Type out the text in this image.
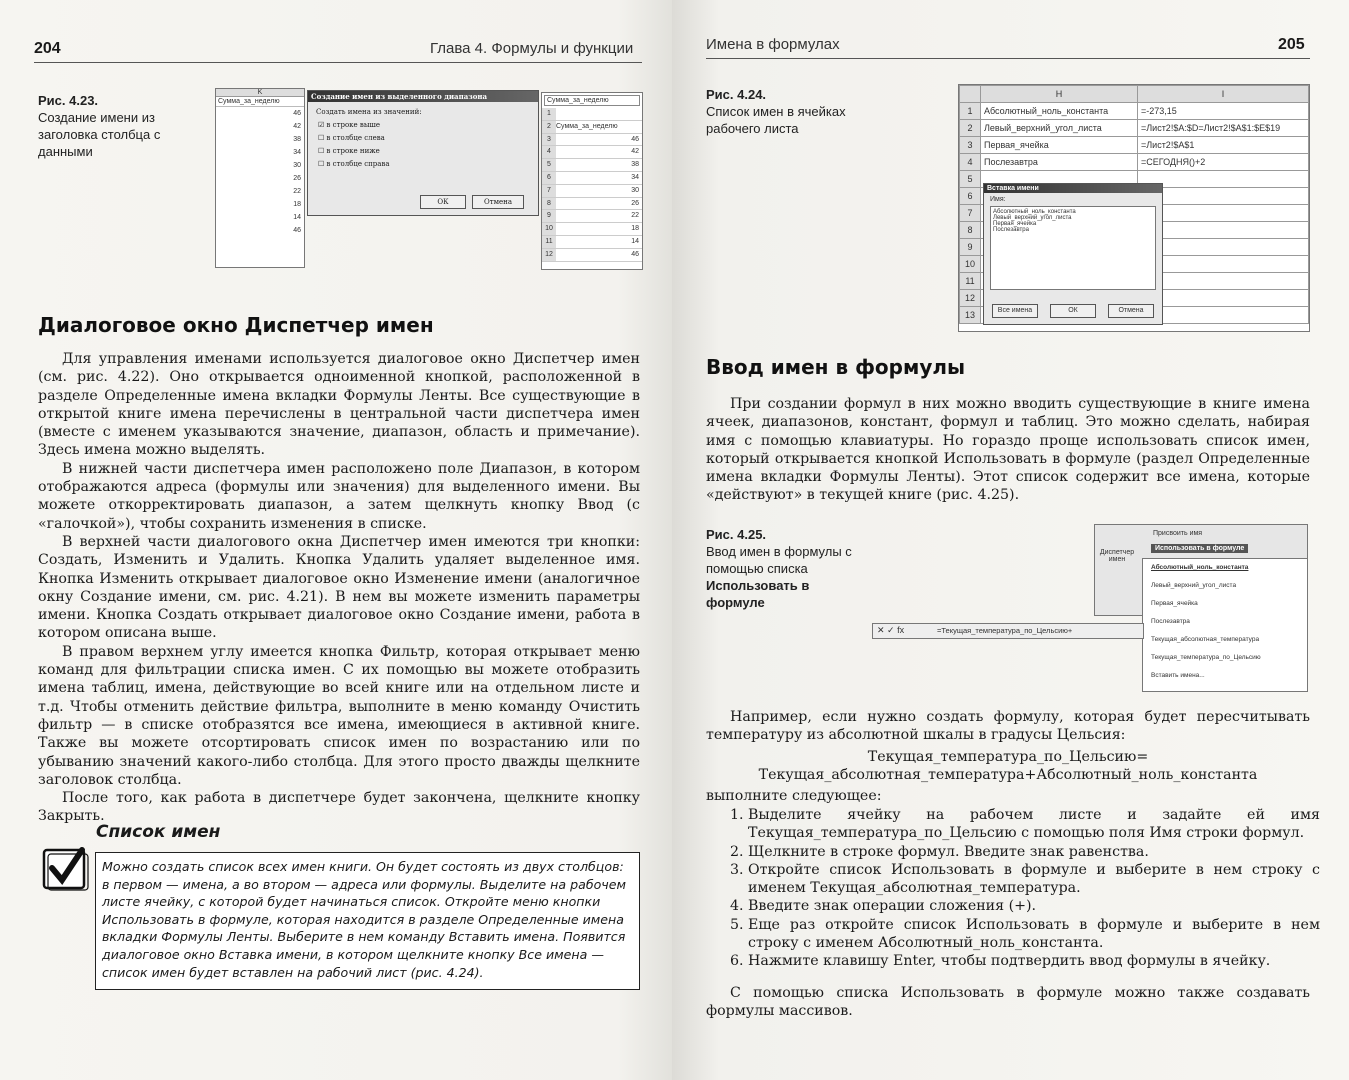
204	Глава 4. Формулы и функции
Рис. 4.23.
Создание имени из заголовка столбца с данными
K
Сумма_за_неделю
46
42
38
34
30
26
22
18
14
46
Создание имен из выделенного диапазона
Создать имена из значений:
☑ в строке выше
☐ в столбце слева
☐ в строке ниже
☐ в столбце справа
ОК	Отмена
Сумма_за_неделю
1
2 Сумма_за_неделю
3	46
4	42
5	38
6	34
7	30
8	26
9	22
10	18
11	14
12	46
Диалоговое окно Диспетчер имен

Для управления именами используется диалоговое окно Диспетчер имен (см. рис. 4.22). Оно открывается одноименной кнопкой, расположенной в разделе Определенные имена вкладки Формулы Ленты. Все существующие в открытой книге имена перечислены в центральной части диспетчера имен (вместе с именем указываются значение, диапазон, область и примечание). Здесь имена можно выделять.

В нижней части диспетчера имен расположено поле Диапазон, в котором отображаются адреса (формулы или значения) для выделенного имени. Вы можете откорректировать диапазон, а затем щелкнуть кнопку Ввод (с «галочкой»), чтобы сохранить изменения в списке.

В верхней части диалогового окна Диспетчер имен имеются три кнопки: Создать, Изменить и Удалить. Кнопка Удалить удаляет выделенное имя. Кнопка Изменить открывает диалоговое окно Изменение имени (аналогичное окну Создание имени, см. рис. 4.21). В нем вы можете изменить параметры имени. Кнопка Создать открывает диалоговое окно Создание имени, работа в котором описана выше.

В правом верхнем углу имеется кнопка Фильтр, которая открывает меню команд для фильтрации списка имен. С их помощью вы можете отобразить имена таблиц, имена, действующие во всей книге или на отдельном листе и т.д. Чтобы отменить действие фильтра, выполните в меню команду Очистить фильтр — в списке отобразятся все имена, имеющиеся в активной книге. Также вы можете отсортировать список имен по возрастанию или по убыванию значений какого-либо столбца. Для этого просто дважды щелкните заголовок столбца.

После того, как работа в диспетчере будет закончена, щелкните кнопку Закрыть.

Список имен
Можно создать список всех имен книги. Он будет состоять из двух столбцов: в первом — имена, а во втором — адреса или формулы. Выделите на рабочем листе ячейку, с которой будет начинаться список. Откройте меню кнопки Использовать в формуле, которая находится в разделе Определенные имена вкладки Формулы Ленты. Выберите в нем команду Вставить имена. Появится диалоговое окно Вставка имени, в котором щелкните кнопку Все имена — список имен будет вставлен на рабочий лист (рис. 4.24).
Имена в формулах	205
Рис. 4.24.
Список имен в ячейках рабочего листа
	H	I
1	Абсолютный_ноль_константа	=-273,15
2	Левый_верхний_угол_листа	=Лист2!$A:$D=Лист2!$A$1:$E$19
3	Первая_ячейка	=Лист2!$A$1
4	Послезавтра	=СЕГОДНЯ()+2
5		
6		
7		
8		
9		
10		
11		
12		
13		
Вставка имени
Имя:
Абсолютный_ноль_константа
Левый_верхний_угол_листа
Первая_ячейка
Послезавтра
Все имена	ОК	Отмена
Ввод имен в формулы

При создании формул в них можно вводить существующие в книге имена ячеек, диапазонов, констант, формул и таблиц. Это можно сделать, набирая имя с помощью клавиатуры. Но гораздо проще использовать список имен, который открывается кнопкой Использовать в формуле (раздел Определенные имена вкладки Формулы Ленты). Этот список содержит все имена, которые «действуют» в текущей книге (рис. 4.25).

Рис. 4.25.
Ввод имен в формулы с помощью списка
Использовать в формуле
Диспетчер имен
Присвоить имя
Использовать в формуле
Абсолютный_ноль_константа
Левый_верхний_угол_листа
Первая_ячейка
Послезавтра
Текущая_абсолютная_температура
Текущая_температура_по_Цельсию
Вставить имена...
✕ ✓ fx	=Текущая_температура_по_Цельсию+

Например, если нужно создать формулу, которая будет пересчитывать температуру из абсолютной шкалы в градусы Цельсия:

Текущая_температура_по_Цельсию=
Текущая_абсолютная_температура+Абсолютный_ноль_константа
выполните следующее:
1. Выделите ячейку на рабочем листе и задайте ей имя Текущая_температура_по_Цельсию с помощью поля Имя строки формул.
2. Щелкните в строке формул. Введите знак равенства.
3. Откройте список Использовать в формуле и выберите в нем строку с именем Текущая_абсолютная_температура.
4. Введите знак операции сложения (+).
5. Еще раз откройте список Использовать в формуле и выберите в нем строку с именем Абсолютный_ноль_константа.
6. Нажмите клавишу Enter, чтобы подтвердить ввод формулы в ячейку.

С помощью списка Использовать в формуле можно также создавать формулы массивов.
